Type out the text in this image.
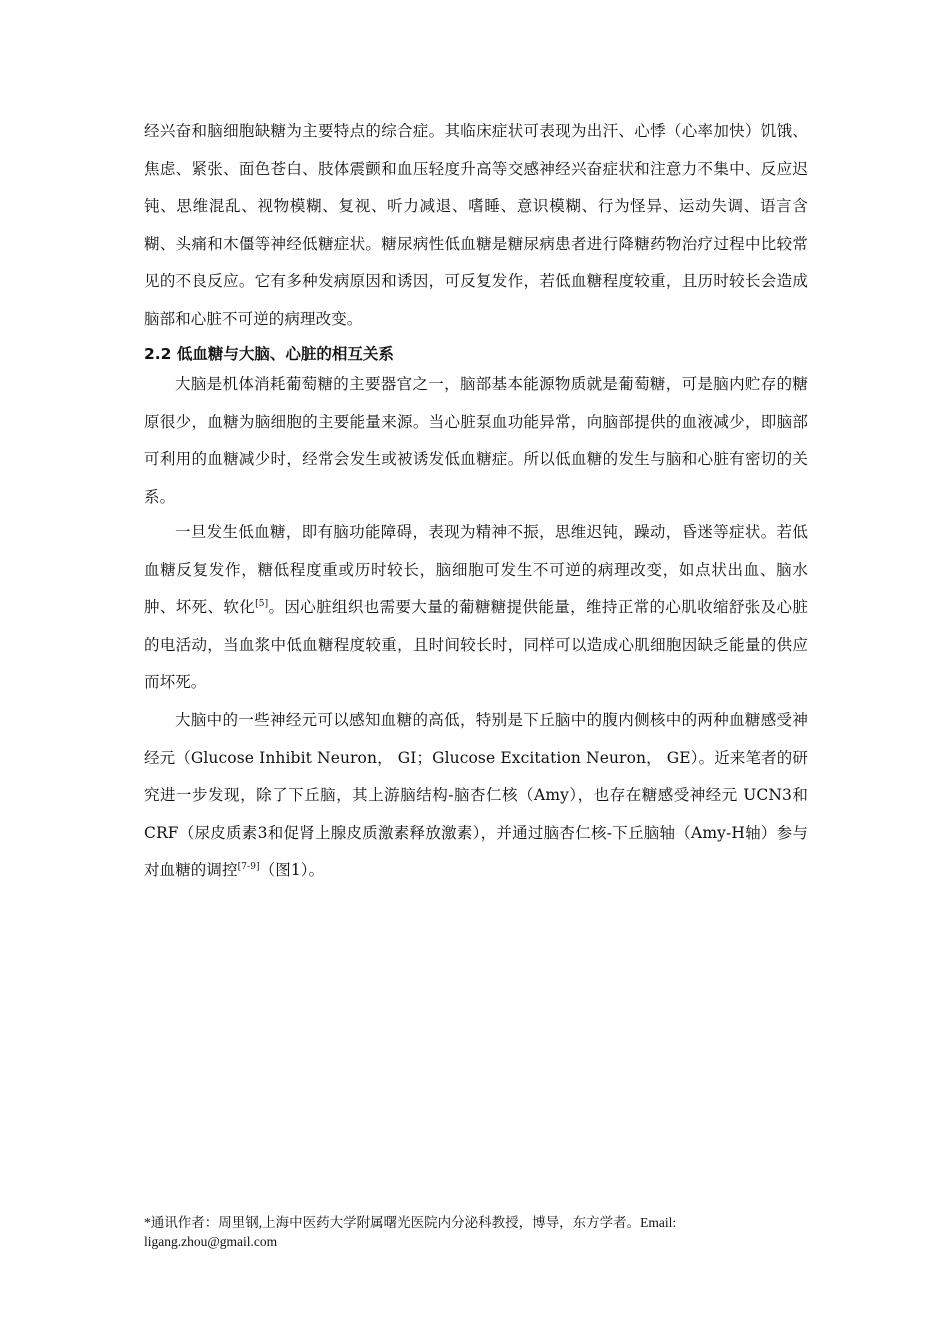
经兴奋和脑细胞缺糖为主要特点的综合症。其临床症状可表现为出汗、心悸（心率加快）饥饿、焦虑、紧张、面色苍白、肢体震颤和血压轻度升高等交感神经兴奋症状和注意力不集中、反应迟钝、思维混乱、视物模糊、复视、听力减退、嗜睡、意识模糊、行为怪异、运动失调、语言含糊、头痛和木僵等神经低糖症状。糖尿病性低血糖是糖尿病患者进行降糖药物治疗过程中比较常见的不良反应。它有多种发病原因和诱因，可反复发作，若低血糖程度较重，且历时较长会造成脑部和心脏不可逆的病理改变。

2.2 低血糖与大脑、心脏的相互关系

大脑是机体消耗葡萄糖的主要器官之一，脑部基本能源物质就是葡萄糖，可是脑内贮存的糖原很少，血糖为脑细胞的主要能量来源。当心脏泵血功能异常，向脑部提供的血液减少，即脑部可利用的血糖减少时，经常会发生或被诱发低血糖症。所以低血糖的发生与脑和心脏有密切的关系。

一旦发生低血糖，即有脑功能障碍，表现为精神不振，思维迟钝，躁动，昏迷等症状。若低血糖反复发作，糖低程度重或历时较长，脑细胞可发生不可逆的病理改变，如点状出血、脑水肿、坏死、软化[5]。因心脏组织也需要大量的葡糖糖提供能量，维持正常的心肌收缩舒张及心脏的电活动，当血浆中低血糖程度较重，且时间较长时，同样可以造成心肌细胞因缺乏能量的供应而坏死。

大脑中的一些神经元可以感知血糖的高低，特别是下丘脑中的腹内侧核中的两种血糖感受神经元（Glucose Inhibit Neuron， GI；Glucose Excitation Neuron， GE）。近来笔者的研究进一步发现，除了下丘脑，其上游脑结构-脑杏仁核（Amy），也存在糖感受神经元 UCN3和CRF（尿皮质素3和促肾上腺皮质激素释放激素），并通过脑杏仁核-下丘脑轴（Amy-H轴）参与对血糖的调控[7-9]（图1）。

*通讯作者：周里钢,上海中医药大学附属曙光医院内分泌科教授，博导，东方学者。Email: ligang.zhou@gmail.com
